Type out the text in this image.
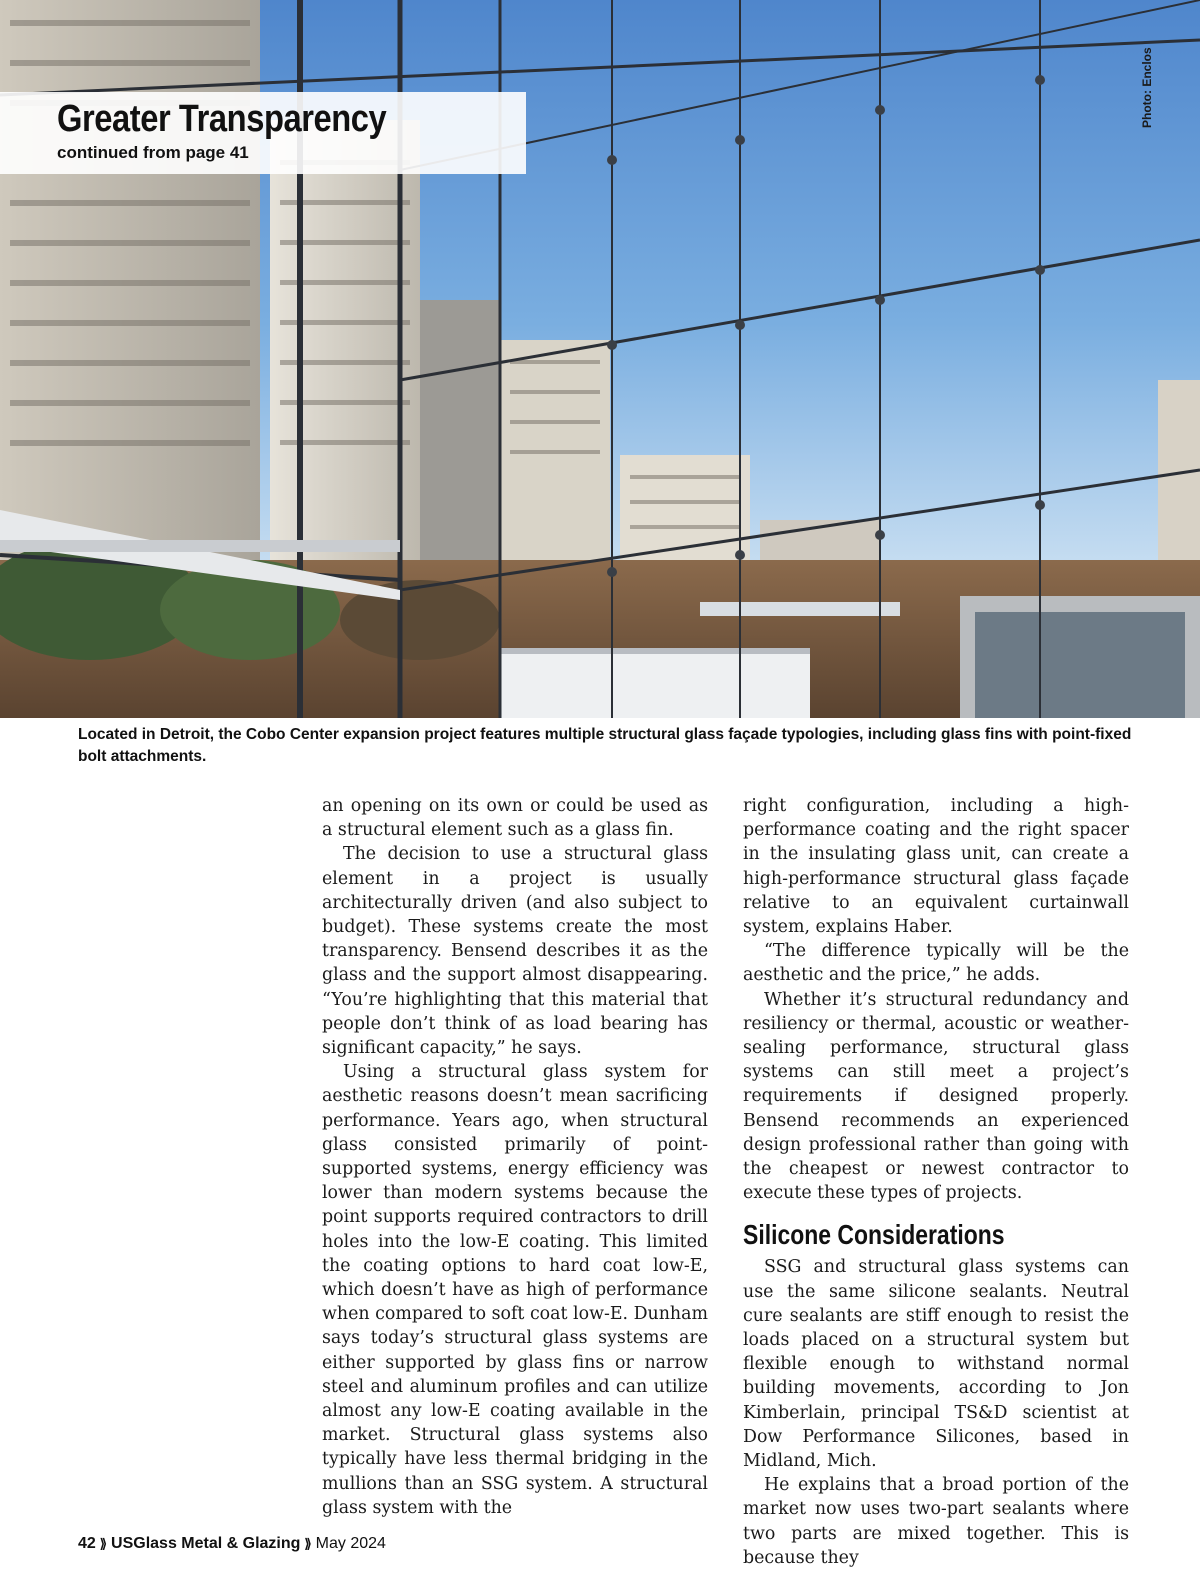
Greater Transparency

continued from page 41

Photo: Enclos

Located in Detroit, the Cobo Center expansion project features multiple structural glass façade typologies, including glass fins with point-fixed bolt attachments.

an opening on its own or could be used as a structural element such as a glass fin.

The decision to use a structural glass element in a project is usually architecturally driven (and also subject to budget). These systems create the most transparency. Bensend describes it as the glass and the support almost disappearing. “You’re highlighting that this material that people don’t think of as load bearing has significant capacity,” he says.

Using a structural glass system for aesthetic reasons doesn’t mean sacrificing performance. Years ago, when structural glass consisted primarily of point-supported systems, energy efficiency was lower than modern systems because the point supports required contractors to drill holes into the low-E coating. This limited the coating options to hard coat low-E, which doesn’t have as high of performance when compared to soft coat low-E. Dunham says today’s structural glass systems are either supported by glass fins or narrow steel and aluminum profiles and can utilize almost any low-E coating available in the market. Structural glass systems also typically have less thermal bridging in the mullions than an SSG system. A structural glass system with the

right configuration, including a high-performance coating and the right spacer in the insulating glass unit, can create a high-performance structural glass façade relative to an equivalent curtainwall system, explains Haber.

“The difference typically will be the aesthetic and the price,” he adds.

Whether it’s structural redundancy and resiliency or thermal, acoustic or weather-sealing performance, structural glass systems can still meet a project’s requirements if designed properly. Bensend recommends an experienced design professional rather than going with the cheapest or newest contractor to execute these types of projects.

Silicone Considerations

SSG and structural glass systems can use the same silicone sealants. Neutral cure sealants are stiff enough to resist the loads placed on a structural system but flexible enough to withstand normal building movements, according to Jon Kimberlain, principal TS&D scientist at Dow Performance Silicones, based in Midland, Mich.

He explains that a broad portion of the market now uses two-part sealants where two parts are mixed together. This is because they

42 ⟫ USGlass Metal & Glazing ⟫ May 2024
